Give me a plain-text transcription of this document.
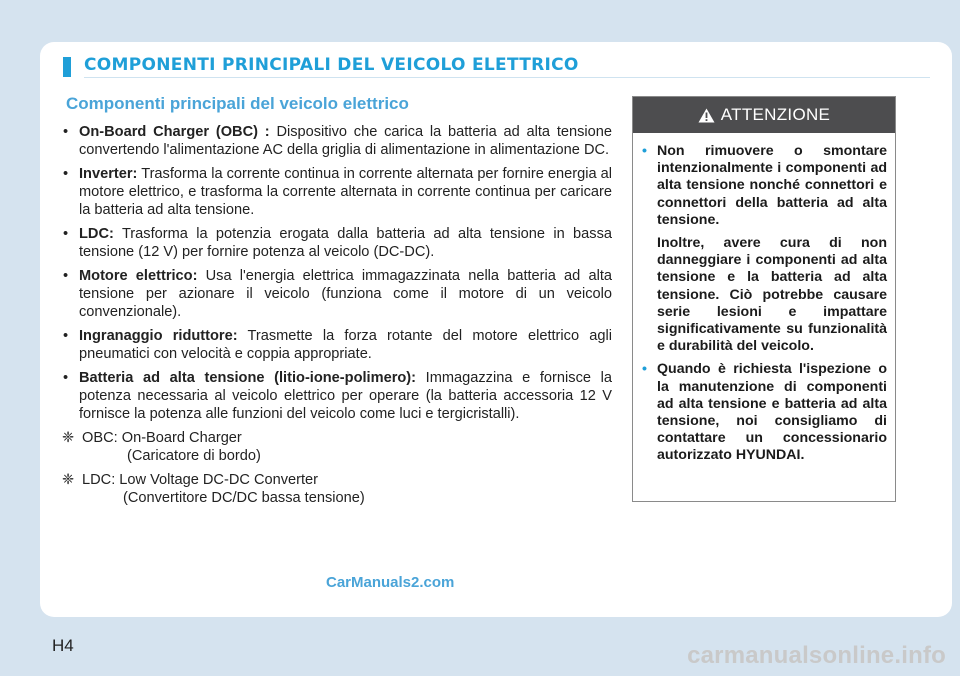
COMPONENTI PRINCIPALI DEL VEICOLO ELETTRICO
Componenti principali del veicolo elettrico
• On-Board Charger (OBC) : Dispositivo che carica la batteria ad alta tensione convertendo l'alimentazione AC della griglia di alimentazione in alimentazione DC.
• Inverter: Trasforma la corrente continua in corrente alternata per fornire energia al motore elettrico, e trasforma la corrente alternata in corrente continua per caricare la batteria ad alta tensione.
• LDC: Trasforma la potenzia erogata dalla batteria ad alta tensione in bassa tensione (12 V) per fornire potenza al veicolo (DC-DC).
• Motore elettrico: Usa l'energia elettrica immagazzinata nella batteria ad alta tensione per azionare il veicolo (funziona come il motore di un veicolo convenzionale).
• Ingranaggio riduttore: Trasmette la forza rotante del motore elettrico agli pneumatici con velocità e coppia appropriate.
• Batteria ad alta tensione (litio-ione-polimero): Immagazzina e fornisce la potenza necessaria al veicolo elettrico per operare (la batteria accessoria 12 V fornisce la potenza alle funzioni del veicolo come luci e tergicristalli).
❈ OBC: On-Board Charger
(Caricatore di bordo)
❈ LDC: Low Voltage DC-DC Converter
(Convertitore DC/DC bassa tensione)
ATTENZIONE
• Non rimuovere o smontare intenzionalmente i componenti ad alta tensione nonché connettori e connettori della batteria ad alta tensione.
Inoltre, avere cura di non danneggiare i componenti ad alta tensione e la batteria ad alta tensione. Ciò potrebbe causare serie lesioni e impattare significativamente su funzionalità e durabilità del veicolo.
• Quando è richiesta l'ispezione o la manutenzione di componenti ad alta tensione e batteria ad alta tensione, noi consigliamo di contattare un concessionario autorizzato HYUNDAI.
CarManuals2.com
H4	carmanualsonline.info
